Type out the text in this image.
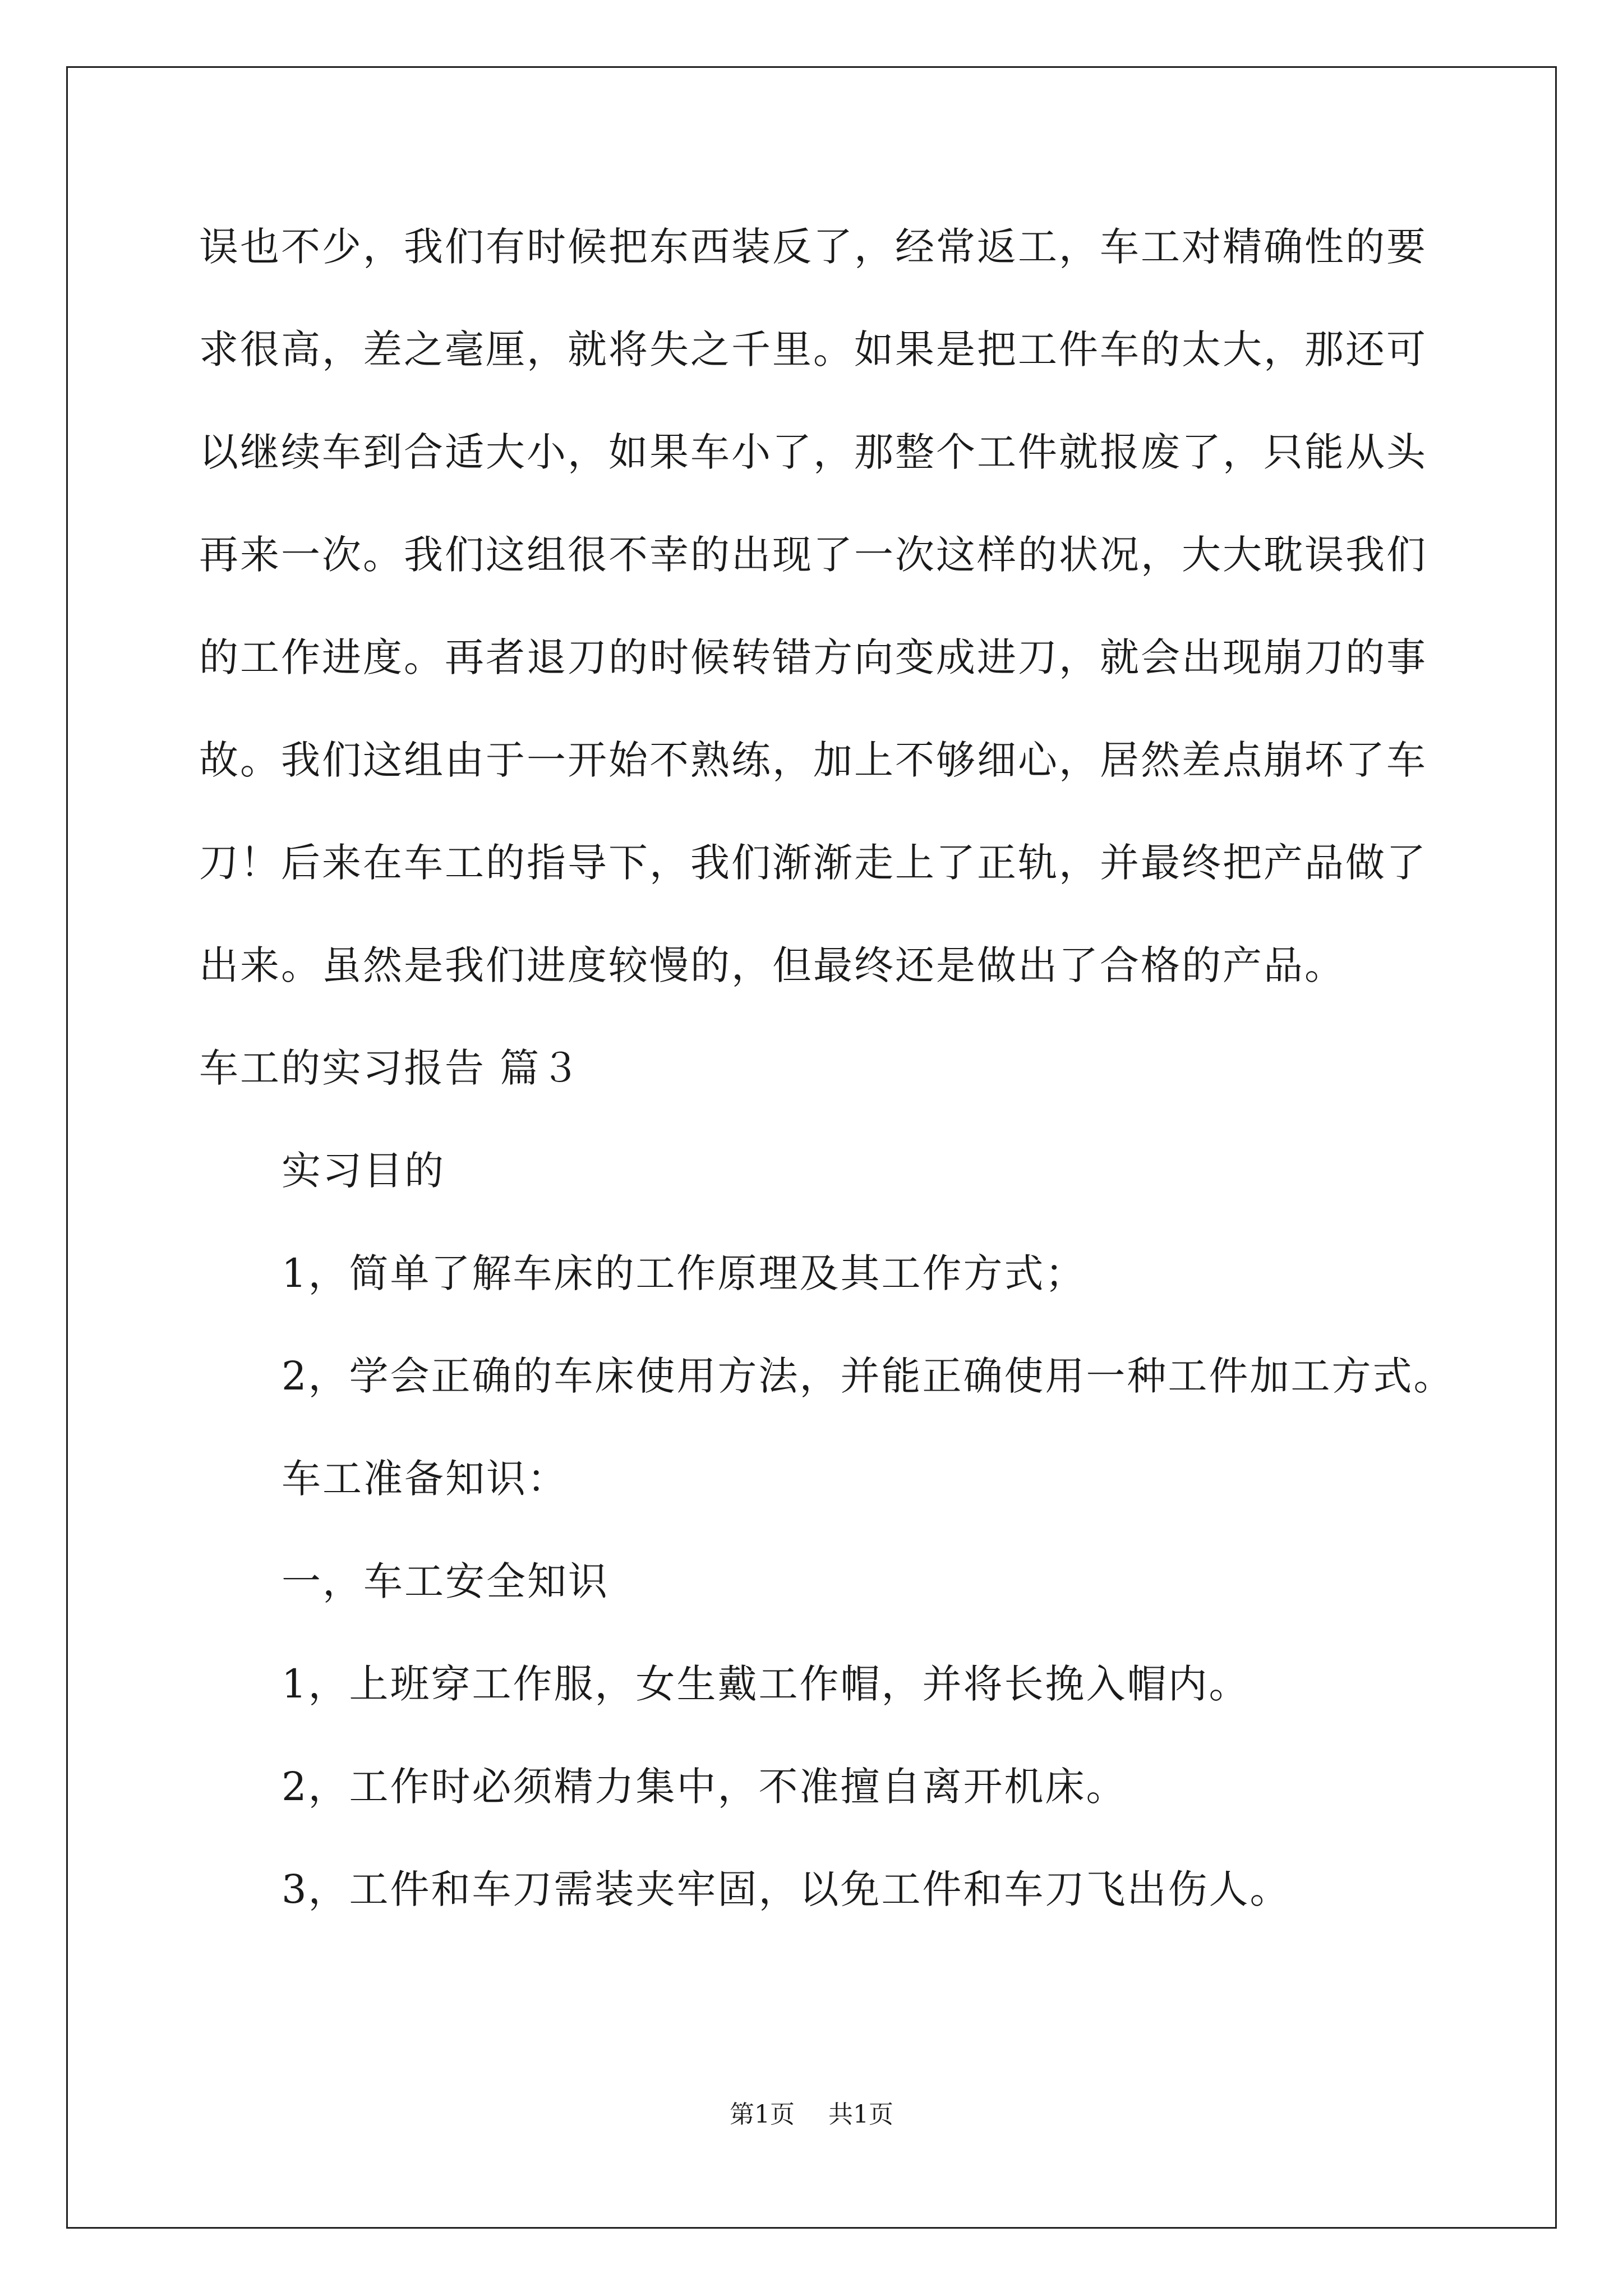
误也不少，我们有时候把东西装反了，经常返工，车工对精确性的要
求很高，差之毫厘，就将失之千里。如果是把工件车的太大，那还可
以继续车到合适大小，如果车小了，那整个工件就报废了，只能从头
再来一次。我们这组很不幸的出现了一次这样的状况，大大耽误我们
的工作进度。再者退刀的时候转错方向变成进刀，就会出现崩刀的事
故。我们这组由于一开始不熟练，加上不够细心，居然差点崩坏了车
刀！后来在车工的指导下，我们渐渐走上了正轨，并最终把产品做了
出来。虽然是我们进度较慢的，但最终还是做出了合格的产品。
车工的实习报告 篇３
实习目的
1，简单了解车床的工作原理及其工作方式；
2，学会正确的车床使用方法，并能正确使用一种工件加工方式。
车工准备知识：
一，车工安全知识
1，上班穿工作服，女生戴工作帽，并将长挽入帽内。
2，工作时必须精力集中，不准擅自离开机床。
3，工件和车刀需装夹牢固，以免工件和车刀飞出伤人。
第1页 共1页
